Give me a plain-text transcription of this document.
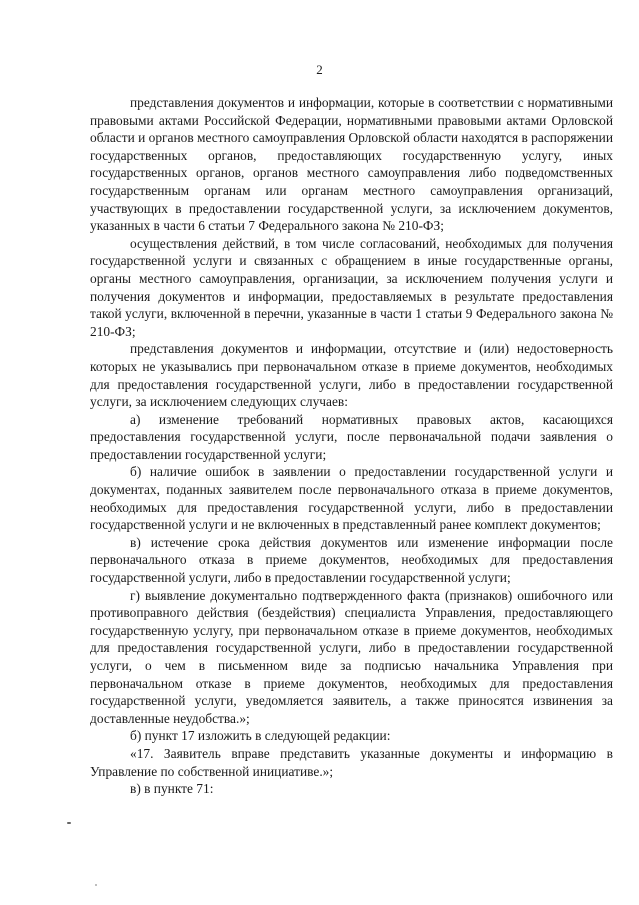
2

представления документов и информации, которые в соответствии с нормативными правовыми актами Российской Федерации, нормативными правовыми актами Орловской области и органов местного самоуправления Орловской области находятся в распоряжении государственных органов, предоставляющих государственную услугу, иных государственных органов, органов местного самоуправления либо подведомственных государственным органам или органам местного самоуправления организаций, участвующих в предоставлении государственной услуги, за исключением документов, указанных в части 6 статьи 7 Федерального закона № 210-ФЗ;

осуществления действий, в том числе согласований, необходимых для получения государственной услуги и связанных с обращением в иные государственные органы, органы местного самоуправления, организации, за исключением получения услуги и получения документов и информации, предоставляемых в результате предоставления такой услуги, включенной в перечни, указанные в части 1 статьи 9 Федерального закона № 210-ФЗ;

представления документов и информации, отсутствие и (или) недостоверность которых не указывались при первоначальном отказе в приеме документов, необходимых для предоставления государственной услуги, либо в предоставлении государственной услуги, за исключением следующих случаев:

а) изменение требований нормативных правовых актов, касающихся предоставления государственной услуги, после первоначальной подачи заявления о предоставлении государственной услуги;

б) наличие ошибок в заявлении о предоставлении государственной услуги и документах, поданных заявителем после первоначального отказа в приеме документов, необходимых для предоставления государственной услуги, либо в предоставлении государственной услуги и не включенных в представленный ранее комплект документов;

в) истечение срока действия документов или изменение информации после первоначального отказа в приеме документов, необходимых для предоставления государственной услуги, либо в предоставлении государственной услуги;

г) выявление документально подтвержденного факта (признаков) ошибочного или противоправного действия (бездействия) специалиста Управления, предоставляющего государственную услугу, при первоначальном отказе в приеме документов, необходимых для предоставления государственной услуги, либо в предоставлении государственной услуги, о чем в письменном виде за подписью начальника Управления при первоначальном отказе в приеме документов, необходимых для предоставления государственной услуги, уведомляется заявитель, а также приносятся извинения за доставленные неудобства.»;

б) пункт 17 изложить в следующей редакции:

«17. Заявитель вправе представить указанные документы и информацию в Управление по собственной инициативе.»;

в) в пункте 71:
